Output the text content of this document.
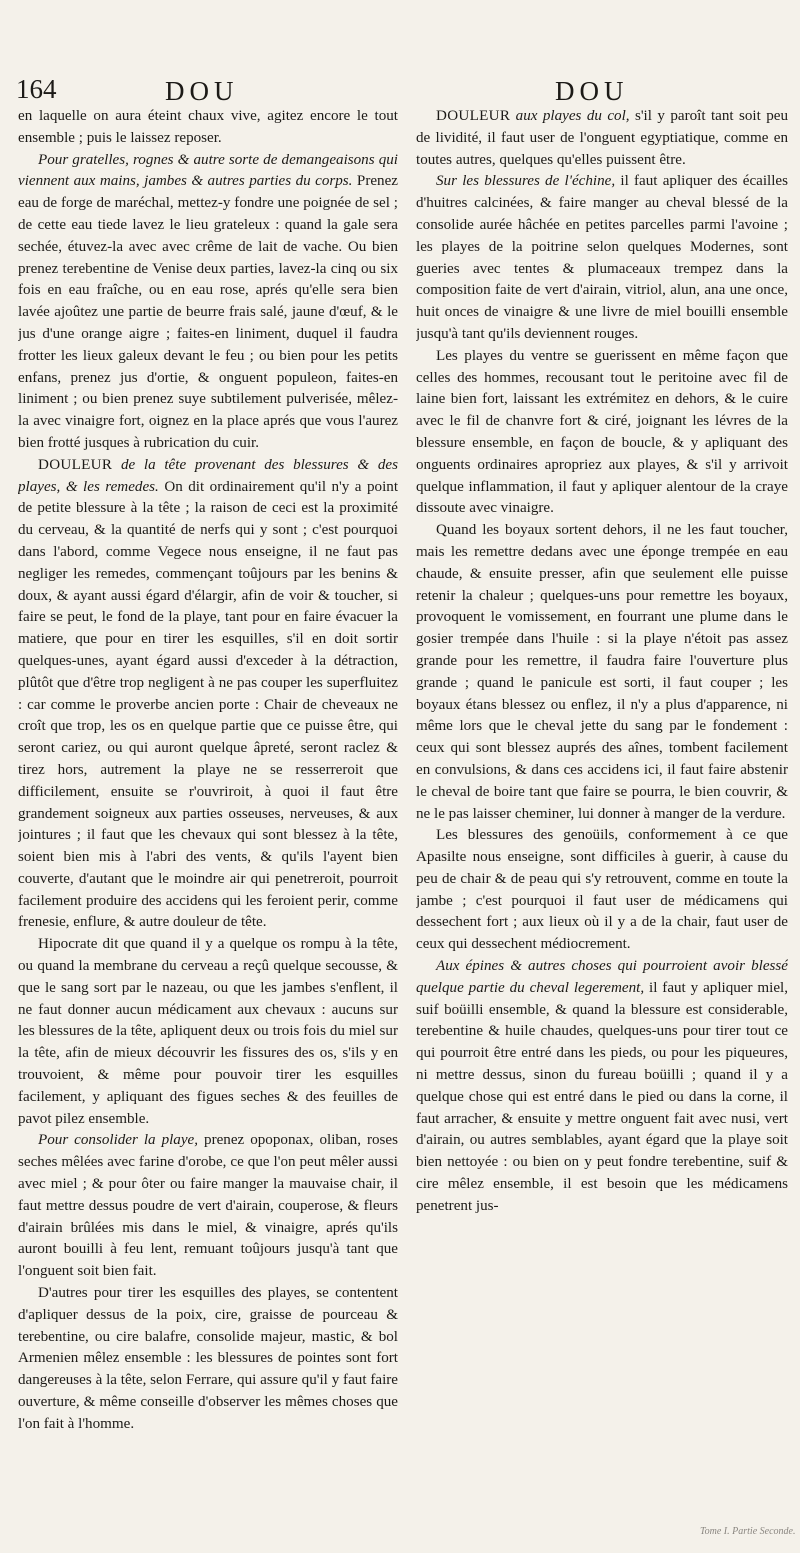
164	DOU	DOU

en laquelle on aura éteint chaux vive, agitez encore le tout ensemble ; puis le laissez reposer.

Pour gratelles, rognes & autre sorte de demangeaisons qui viennent aux mains, jambes & autres parties du corps. Prenez eau de forge de maréchal, mettez-y fondre une poignée de sel ; de cette eau tiede lavez le lieu grateleux : quand la gale sera sechée, étuvez-la avec avec crême de lait de vache. Ou bien prenez terebentine de Venise deux parties, lavez-la cinq ou six fois en eau fraîche, ou en eau rose, aprés qu'elle sera bien lavée ajoûtez une partie de beurre frais salé, jaune d'œuf, & le jus d'une orange aigre ; faites-en liniment, duquel il faudra frotter les lieux galeux devant le feu ; ou bien pour les petits enfans, prenez jus d'ortie, & onguent populeon, faites-en liniment ; ou bien prenez suye subtilement pulverisée, mêlez-la avec vinaigre fort, oignez en la place aprés que vous l'aurez bien frotté jusques à rubrication du cuir.

DOULEUR de la tête provenant des blessures & des playes, & les remedes. On dit ordinairement qu'il n'y a point de petite blessure à la tête ; la raison de ceci est la proximité du cerveau, & la quantité de nerfs qui y sont ; c'est pourquoi dans l'abord, comme Vegece nous enseigne, il ne faut pas negliger les remedes, commençant toûjours par les benins & doux, & ayant aussi égard d'élargir, afin de voir & toucher, si faire se peut, le fond de la playe, tant pour en faire évacuer la matiere, que pour en tirer les esquilles, s'il en doit sortir quelques-unes, ayant égard aussi d'exceder à la détraction, plûtôt que d'être trop negligent à ne pas couper les superfluitez : car comme le proverbe ancien porte : Chair de cheveaux ne croît que trop, les os en quelque partie que ce puisse être, qui seront cariez, ou qui auront quelque âpreté, seront raclez & tirez hors, autrement la playe ne se resserreroit que difficilement, ensuite se r'ouvriroit, à quoi il faut être grandement soigneux aux parties osseuses, nerveuses, & aux jointures ; il faut que les chevaux qui sont blessez à la tête, soient bien mis à l'abri des vents, & qu'ils l'ayent bien couverte, d'autant que le moindre air qui penetreroit, pourroit facilement produire des accidens qui les feroient perir, comme frenesie, enflure, & autre douleur de tête.

Hipocrate dit que quand il y a quelque os rompu à la tête, ou quand la membrane du cerveau a reçû quelque secousse, & que le sang sort par le nazeau, ou que les jambes s'enflent, il ne faut donner aucun médicament aux chevaux : aucuns sur les blessures de la tête, apliquent deux ou trois fois du miel sur la tête, afin de mieux découvrir les fissures des os, s'ils y en trouvoient, & même pour pouvoir tirer les esquilles facilement, y apliquant des figues seches & des feuilles de pavot pilez ensemble.

Pour consolider la playe, prenez opoponax, oliban, roses seches mêlées avec farine d'orobe, ce que l'on peut mêler aussi avec miel ; & pour ôter ou faire manger la mauvaise chair, il faut mettre dessus poudre de vert d'airain, couperose, & fleurs d'airain brûlées mis dans le miel, & vinaigre, aprés qu'ils auront bouilli à feu lent, remuant toûjours jusqu'à tant que l'onguent soit bien fait.

D'autres pour tirer les esquilles des playes, se contentent d'apliquer dessus de la poix, cire, graisse de pourceau & terebentine, ou cire balafre, consolide majeur, mastic, & bol Armenien mêlez ensemble : les blessures de pointes sont fort dangereuses à la tête, selon Ferrare, qui assure qu'il y faut faire ouverture, & même conseille d'observer les mêmes choses que l'on fait à l'homme.

DOULEUR aux playes du col, s'il y paroît tant soit peu de lividité, il faut user de l'onguent egyptiatique, comme en toutes autres, quelques qu'elles puissent être.

Sur les blessures de l'échine, il faut apliquer des écailles d'huitres calcinées, & faire manger au cheval blessé de la consolide aurée hâchée en petites parcelles parmi l'avoine ; les playes de la poitrine selon quelques Modernes, sont gueries avec tentes & plumaceaux trempez dans la composition faite de vert d'airain, vitriol, alun, ana une once, huit onces de vinaigre & une livre de miel bouilli ensemble jusqu'à tant qu'ils deviennent rouges.

Les playes du ventre se guerissent en même façon que celles des hommes, recousant tout le peritoine avec fil de laine bien fort, laissant les extrémitez en dehors, & le cuire avec le fil de chanvre fort & ciré, joignant les lévres de la blessure ensemble, en façon de boucle, & y apliquant des onguents ordinaires apropriez aux playes, & s'il y arrivoit quelque inflammation, il faut y apliquer alentour de la craye dissoute avec vinaigre.

Quand les boyaux sortent dehors, il ne les faut toucher, mais les remettre dedans avec une éponge trempée en eau chaude, & ensuite presser, afin que seulement elle puisse retenir la chaleur ; quelques-uns pour remettre les boyaux, provoquent le vomissement, en fourrant une plume dans le gosier trempée dans l'huile : si la playe n'étoit pas assez grande pour les remettre, il faudra faire l'ouverture plus grande ; quand le panicule est sorti, il faut couper ; les boyaux étans blessez ou enflez, il n'y a plus d'apparence, ni même lors que le cheval jette du sang par le fondement : ceux qui sont blessez auprés des aînes, tombent facilement en convulsions, & dans ces accidens ici, il faut faire abstenir le cheval de boire tant que faire se pourra, le bien couvrir, & ne le pas laisser cheminer, lui donner à manger de la verdure.

Les blessures des genoüils, conformement à ce que Apasilte nous enseigne, sont difficiles à guerir, à cause du peu de chair & de peau qui s'y retrouvent, comme en toute la jambe ; c'est pourquoi il faut user de médicamens qui dessechent fort ; aux lieux où il y a de la chair, faut user de ceux qui dessechent médiocrement.

Aux épines & autres choses qui pourroient avoir blessé quelque partie du cheval legerement, il faut y apliquer miel, suif boüilli ensemble, & quand la blessure est considerable, terebentine & huile chaudes, quelques-uns pour tirer tout ce qui pourroit être entré dans les pieds, ou pour les piqueures, ni mettre dessus, sinon du fureau boüilli ; quand il y a quelque chose qui est entré dans le pied ou dans la corne, il faut arracher, & ensuite y mettre onguent fait avec nusi, vert d'airain, ou autres semblables, ayant égard que la playe soit bien nettoyée : ou bien on y peut fondre terebentine, suif & cire mêlez ensemble, il est besoin que les médicamens penetrent jus-

Tome I. Partie Seconde.
